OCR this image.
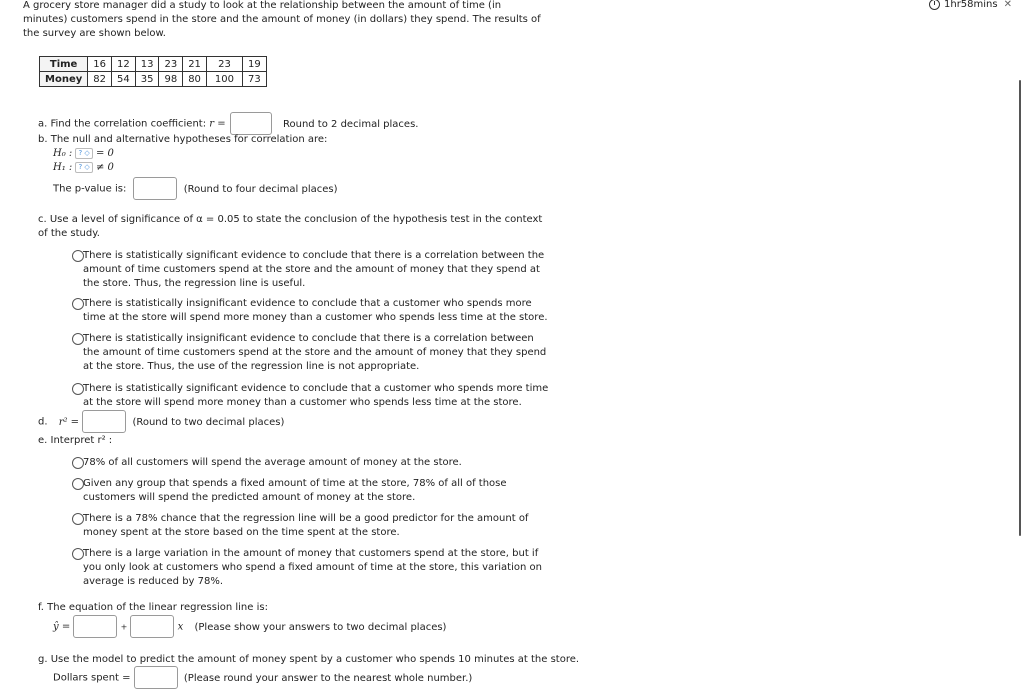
A grocery store manager did a study to look at the relationship between the amount of time (in minutes) customers spend in the store and the amount of money (in dollars) they spend. The results of the survey are shown below.
1hr58mins ✕
Time	16	12	13	23	21	23	19
Money	82	54	35	98	80	100	73
a. Find the correlation coefficient: r =	Round to 2 decimal places.
b. The null and alternative hypotheses for correlation are:
H₀ : ? ◇ = 0
H₁ : ? ◇ ≠ 0
The p-value is:	(Round to four decimal places)
c. Use a level of significance of α = 0.05 to state the conclusion of the hypothesis test in the context of the study.
There is statistically significant evidence to conclude that there is a correlation between the amount of time customers spend at the store and the amount of money that they spend at the store. Thus, the regression line is useful.
There is statistically insignificant evidence to conclude that a customer who spends more time at the store will spend more money than a customer who spends less time at the store.
There is statistically insignificant evidence to conclude that there is a correlation between the amount of time customers spend at the store and the amount of money that they spend at the store. Thus, the use of the regression line is not appropriate.
There is statistically significant evidence to conclude that a customer who spends more time at the store will spend more money than a customer who spends less time at the store.
d. r² =	(Round to two decimal places)
e. Interpret r² :
78% of all customers will spend the average amount of money at the store.
Given any group that spends a fixed amount of time at the store, 78% of all of those customers will spend the predicted amount of money at the store.
There is a 78% chance that the regression line will be a good predictor for the amount of money spent at the store based on the time spent at the store.
There is a large variation in the amount of money that customers spend at the store, but if you only look at customers who spend a fixed amount of time at the store, this variation on average is reduced by 78%.
f. The equation of the linear regression line is:
ŷ =	+	x (Please show your answers to two decimal places)
g. Use the model to predict the amount of money spent by a customer who spends 10 minutes at the store.
Dollars spent =	(Please round your answer to the nearest whole number.)
